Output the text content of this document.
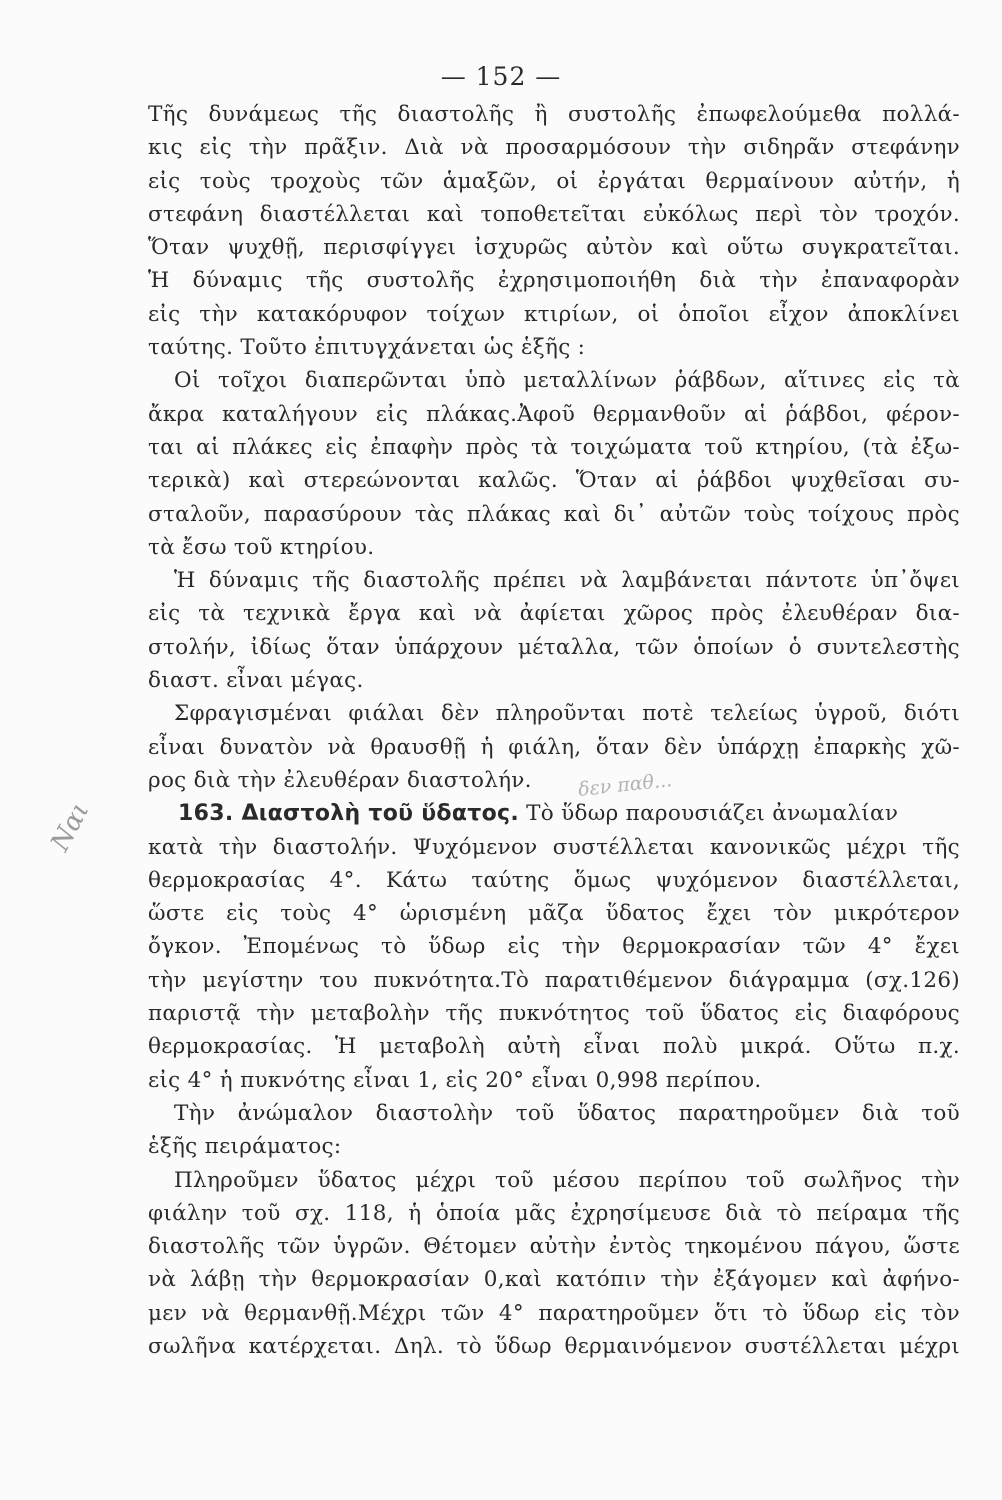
— 152 —
Τῆς δυνάμεως τῆς διαστολῆς ἢ συστολῆς ἐπωφελούμεθα πολλά-
κις εἰς τὴν πρᾶξιν. Διὰ νὰ προσαρμόσουν τὴν σιδηρᾶν στεφάνην
εἰς τοὺς τροχοὺς τῶν ἁμαξῶν, οἱ ἐργάται θερμαίνουν αὐτήν, ἡ
στεφάνη διαστέλλεται καὶ τοποθετεῖται εὐκόλως περὶ τὸν τροχόν.
Ὅταν ψυχθῇ, περισφίγγει ἰσχυρῶς αὐτὸν καὶ οὕτω συγκρατεῖται.
Ἡ δύναμις τῆς συστολῆς ἐχρησιμοποιήθη διὰ τὴν ἐπαναφορὰν
εἰς τὴν κατακόρυφον τοίχων κτιρίων, οἱ ὁποῖοι εἶχον ἀποκλίνει
ταύτης. Τοῦτο ἐπιτυγχάνεται ὡς ἑξῆς :
Οἱ τοῖχοι διαπερῶνται ὑπὸ μεταλλίνων ῥάβδων, αἵτινες εἰς τὰ
ἄκρα καταλήγουν εἰς πλάκας.Ἀφοῦ θερμανθοῦν αἱ ῥάβδοι, φέρον-
ται αἱ πλάκες εἰς ἐπαφὴν πρὸς τὰ τοιχώματα τοῦ κτηρίου, (τὰ ἐξω-
τερικὰ) καὶ στερεώνονται καλῶς. Ὅταν αἱ ῥάβδοι ψυχθεῖσαι συ-
σταλοῦν, παρασύρουν τὰς πλάκας καὶ δι᾽ αὐτῶν τοὺς τοίχους πρὸς
τὰ ἔσω τοῦ κτηρίου.
Ἡ δύναμις τῆς διαστολῆς πρέπει νὰ λαμβάνεται πάντοτε ὑπ᾽ὄψει
εἰς τὰ τεχνικὰ ἔργα καὶ νὰ ἀφίεται χῶρος πρὸς ἐλευθέραν δια-
στολήν, ἰδίως ὅταν ὑπάρχουν μέταλλα, τῶν ὁποίων ὁ συντελεστὴς
διαστ. εἶναι μέγας.
Σφραγισμέναι φιάλαι δὲν πληροῦνται ποτὲ τελείως ὑγροῦ, διότι
εἶναι δυνατὸν νὰ θραυσθῇ ἡ φιάλη, ὅταν δὲν ὑπάρχῃ ἐπαρκὴς χῶ-
ρος διὰ τὴν ἐλευθέραν διαστολήν.
163. Διαστολὴ τοῦ ὕδατος. Τὸ ὕδωρ παρουσιάζει ἀνωμαλίαν
κατὰ τὴν διαστολήν. Ψυχόμενον συστέλλεται κανονικῶς μέχρι τῆς
θερμοκρασίας 4°. Κάτω ταύτης ὅμως ψυχόμενον διαστέλλεται,
ὥστε εἰς τοὺς 4° ὡρισμένη μᾶζα ὕδατος ἔχει τὸν μικρότερον
ὄγκον. Ἐπομένως τὸ ὕδωρ εἰς τὴν θερμοκρασίαν τῶν 4° ἔχει
τὴν μεγίστην του πυκνότητα.Τὸ παρατιθέμενον διάγραμμα (σχ.126)
παριστᾷ τὴν μεταβολὴν τῆς πυκνότητος τοῦ ὕδατος εἰς διαφόρους
θερμοκρασίας. Ἡ μεταβολὴ αὐτὴ εἶναι πολὺ μικρά. Οὕτω π.χ.
εἰς 4° ἡ πυκνότης εἶναι 1, εἰς 20° εἶναι 0,998 περίπου.
Τὴν ἀνώμαλον διαστολὴν τοῦ ὕδατος παρατηροῦμεν διὰ τοῦ
ἑξῆς πειράματος:
Πληροῦμεν ὕδατος μέχρι τοῦ μέσου περίπου τοῦ σωλῆνος τὴν
φιάλην τοῦ σχ. 118, ἡ ὁποία μᾶς ἐχρησίμευσε διὰ τὸ πείραμα τῆς
διαστολῆς τῶν ὑγρῶν. Θέτομεν αὐτὴν ἐντὸς τηκομένου πάγου, ὥστε
νὰ λάβῃ τὴν θερμοκρασίαν 0,καὶ κατόπιν τὴν ἐξάγομεν καὶ ἀφήνο-
μεν νὰ θερμανθῇ.Μέχρι τῶν 4° παρατηροῦμεν ὅτι τὸ ὕδωρ εἰς τὸν
σωλῆνα κατέρχεται. Δηλ. τὸ ὕδωρ θερμαινόμενον συστέλλεται μέχρι
Ναι
δεν παθ...
